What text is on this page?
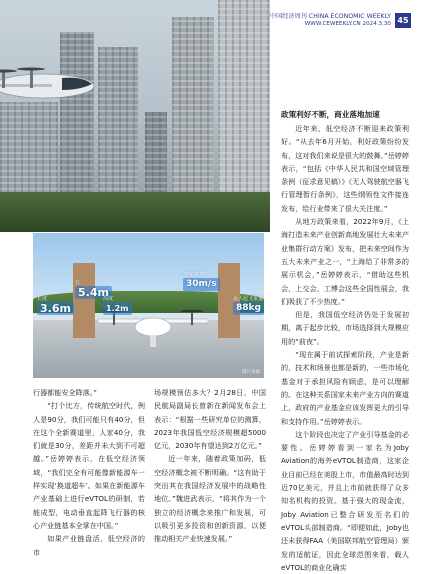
中国经济周刊 CHINA ECONOMIC WEEKLY
WWW.CEWEEKLY.CN 2024.3.30 45
政策利好不断，商业落地加速

近年来，低空经济不断迎来政策利好。“从去年6月开始，利好政策纷纷发布，这对我们来说是很大的鼓舞。”岳婷婷表示，“包括《中华人民共和国空域管理条例（征求意见稿）》《无人驾驶航空器飞行管理暂行条例》，这些纲领性文件接连发布，给行业带来了很大关注度。”

从地方政策来看，2022年9月，《上海打造未来产业创新高地发展壮大未来产业集群行动方案》发布，把未来空间作为五大未来产业之一，“上海给了非常多的展示机会，”岳婷婷表示，“借助这些机会，上交会、工博会这些全国性展会，我们吸获了不少热度。”

但是，我国低空经济仍处于发展初期，离于起步比较，市场选择到大规模应用的“前夜”。

“现在属于前试探索阶段，产业是新的，技术和场景也都是新的，一些市场化基金对于承担风险有顾虑，是可以理解的。在这种关系国家未来产业方向的赛道上，政府的产业基金应该发挥更大的引导和支持作用。”岳婷婷表示。

这个阶段也决定了产业引导基金的必要性。岳婷婷看到一家名为Joby Aviation的海外eVTOL制造商，这家企业目前已经在美股上市，市值最高时达到近70亿美元，并且上市前就获得了众多知名机构的投资。基于强大的现金流，Joby Aviation已整合研发至名们的eVTOL头部制造商。“即便如此，Joby也还未获得FAA（美国联邦航空管理局）颁发的适航证，因此全球范围来看，载人eVTOL的商业化确实

长度
3.6m
长
5.4m
高度
1.2m
速度 航时
30m/s
最大起飞重量
88kg
图片来源

行器都能安全降落。”

“打个比方，传统航空时代，例人是90分，我们可能只有40分，但在这个全新赛道里，人家40分，我们就是30分，差距并未大到不可超越。”岳婷婷表示，在低空经济领域，“我们完全有可能像新能源车一样实现‘换道超车’。如果在新能源车产业基础上进行eVTOL的研制，若能成型，电动垂直起降飞行器的核心产业链基本全掌在中国。”

如果产业链盘活，低空经济的市

场规模预估多大？2月28日，中国民航局副局长曾新在新闻发布会上表示：“根据一些研究单位的测算，2023年我国低空经济规模超5000亿元，2030年有望达到2万亿元。”

近一年来，随着政策加码，低空经济概念被不断明确。“这有助于突出其在我国经济发展中的战略性地位。”魏进武表示，“将其作为一个独立的经济概念来推广和发展，可以吸引更多投资和创新资源，以便推动相关产业快速发展。”
